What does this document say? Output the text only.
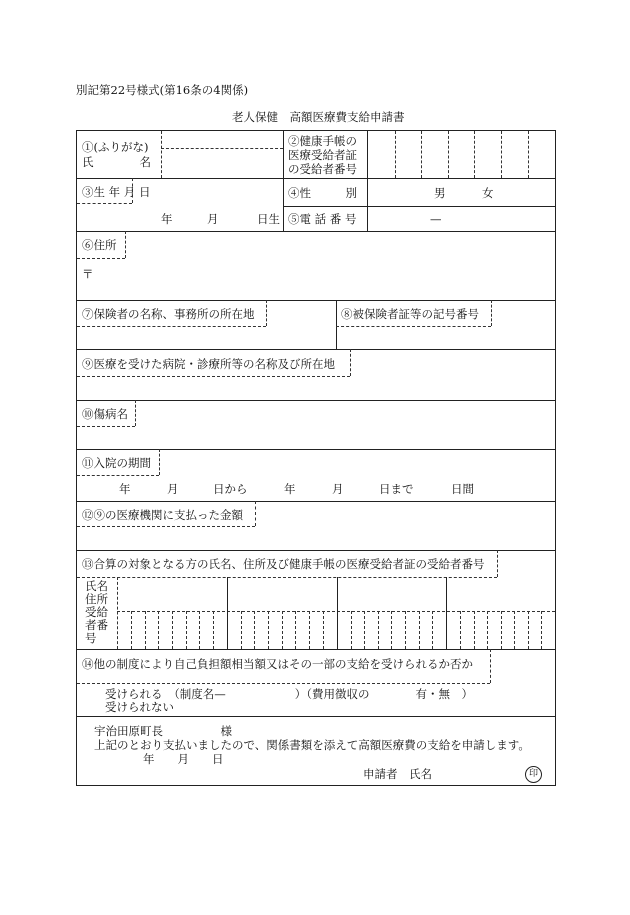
別記第22号様式(第16条の4関係)
老人保健　高額医療費支給申請書
①(ふりがな)
氏　　　　名
②健康手帳の
医療受給者証
の受給者番号
③生 年 月 日
年	月	日生
④性　　　別	男	女
⑤電 話 番 号	—
⑥住所
〒
⑦保険者の名称、事務所の所在地	⑧被保険者証等の記号番号
⑨医療を受けた病院・診療所等の名称及び所在地
⑩傷病名
⑪入院の期間
年	月	日から	年	月	日まで	日間
⑫⑨の医療機関に支払った金額
⑬合算の対象となる方の氏名、住所及び健康手帳の医療受給者証の受給者番号
氏名
住所
受給
者番
号
⑭他の制度により自己負担額相当額又はその一部の支給を受けられるか否か
受けられる　（制度名—　　　　　　）（費用徴収の　　　　有・無　）
受けられない
宇治田原町長　　　　　様
上記のとおり支払いましたので、関係書類を添えて高額医療費の支給を申請します。
年　　月　　日
申請者　氏名	印
